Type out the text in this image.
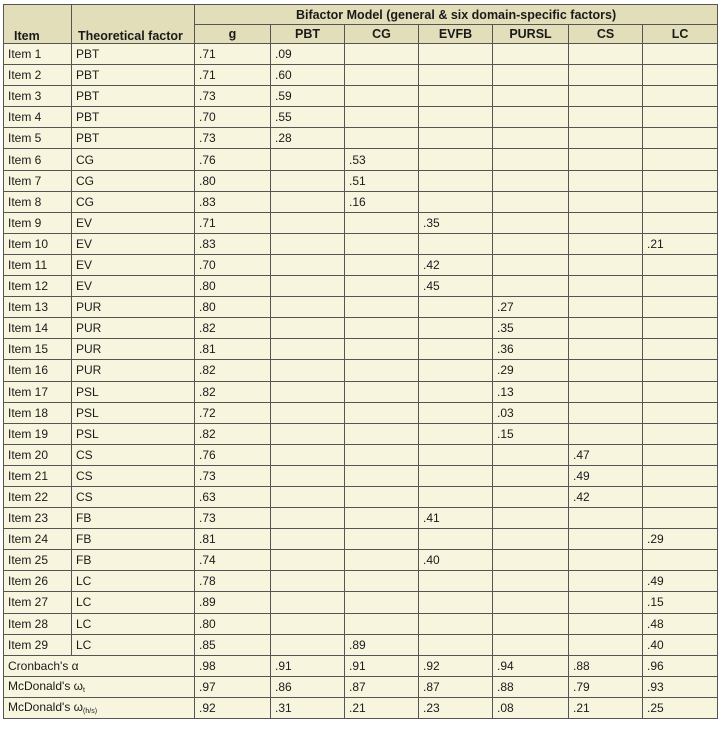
Item	Theoretical factor	Bifactor Model (general & six domain-specific factors)						
		g	PBT	CG	EVFB	PURSL	CS	LC
Item 1	PBT	.71	.09					
Item 2	PBT	.71	.60					
Item 3	PBT	.73	.59					
Item 4	PBT	.70	.55					
Item 5	PBT	.73	.28					
Item 6	CG	.76		.53				
Item 7	CG	.80		.51				
Item 8	CG	.83		.16				
Item 9	EV	.71			.35			
Item 10	EV	.83						.21
Item 11	EV	.70			.42			
Item 12	EV	.80			.45			
Item 13	PUR	.80				.27		
Item 14	PUR	.82				.35		
Item 15	PUR	.81				.36		
Item 16	PUR	.82				.29		
Item 17	PSL	.82				.13		
Item 18	PSL	.72				.03		
Item 19	PSL	.82				.15		
Item 20	CS	.76					.47	
Item 21	CS	.73					.49	
Item 22	CS	.63					.42	
Item 23	FB	.73			.41			
Item 24	FB	.81						.29
Item 25	FB	.74			.40			
Item 26	LC	.78						.49
Item 27	LC	.89						.15
Item 28	LC	.80						.48
Item 29	LC	.85		.89				.40
Cronbach's α		.98	.91	.91	.92	.94	.88	.96
McDonald's $\omega_t$		.97	.86	.87	.87	.88	.79	.93
McDonald's $\omega_{(h/s)}$		.92	.31	.21	.23	.08	.21	.25
